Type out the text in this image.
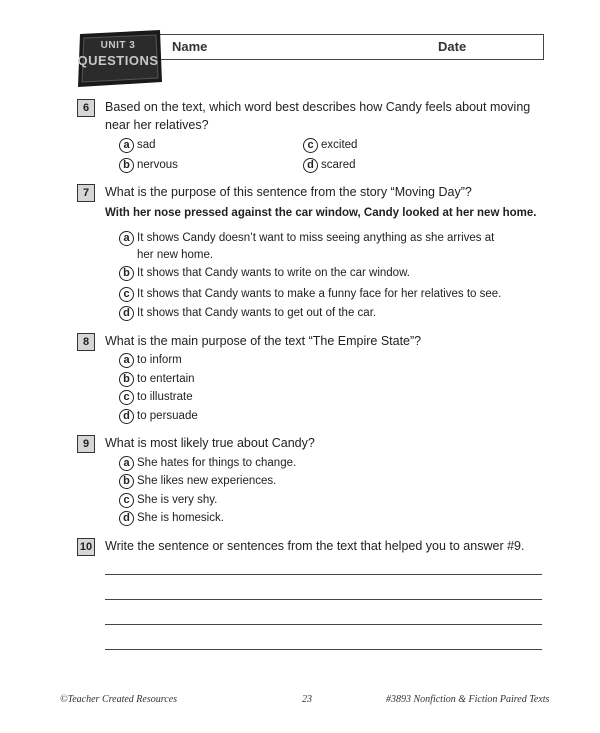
UNIT 3
QUESTIONS
Name	Date
6	Based on the text, which word best describes how Candy feels about moving near her relatives?
a sad
b nervous
c excited
d scared
7	What is the purpose of this sentence from the story “Moving Day”?
With her nose pressed against the car window, Candy looked at her new home.
a It shows Candy doesn’t want to miss seeing anything as she arrives at her new home.
b It shows that Candy wants to write on the car window.
c It shows that Candy wants to make a funny face for her relatives to see.
d It shows that Candy wants to get out of the car.
8	What is the main purpose of the text “The Empire State”?
a to inform
b to entertain
c to illustrate
d to persuade
9	What is most likely true about Candy?
a She hates for things to change.
b She likes new experiences.
c She is very shy.
d She is homesick.
10 Write the sentence or sentences from the text that helped you to answer #9.
©Teacher Created Resources	23	#3893 Nonfiction & Fiction Paired Texts
